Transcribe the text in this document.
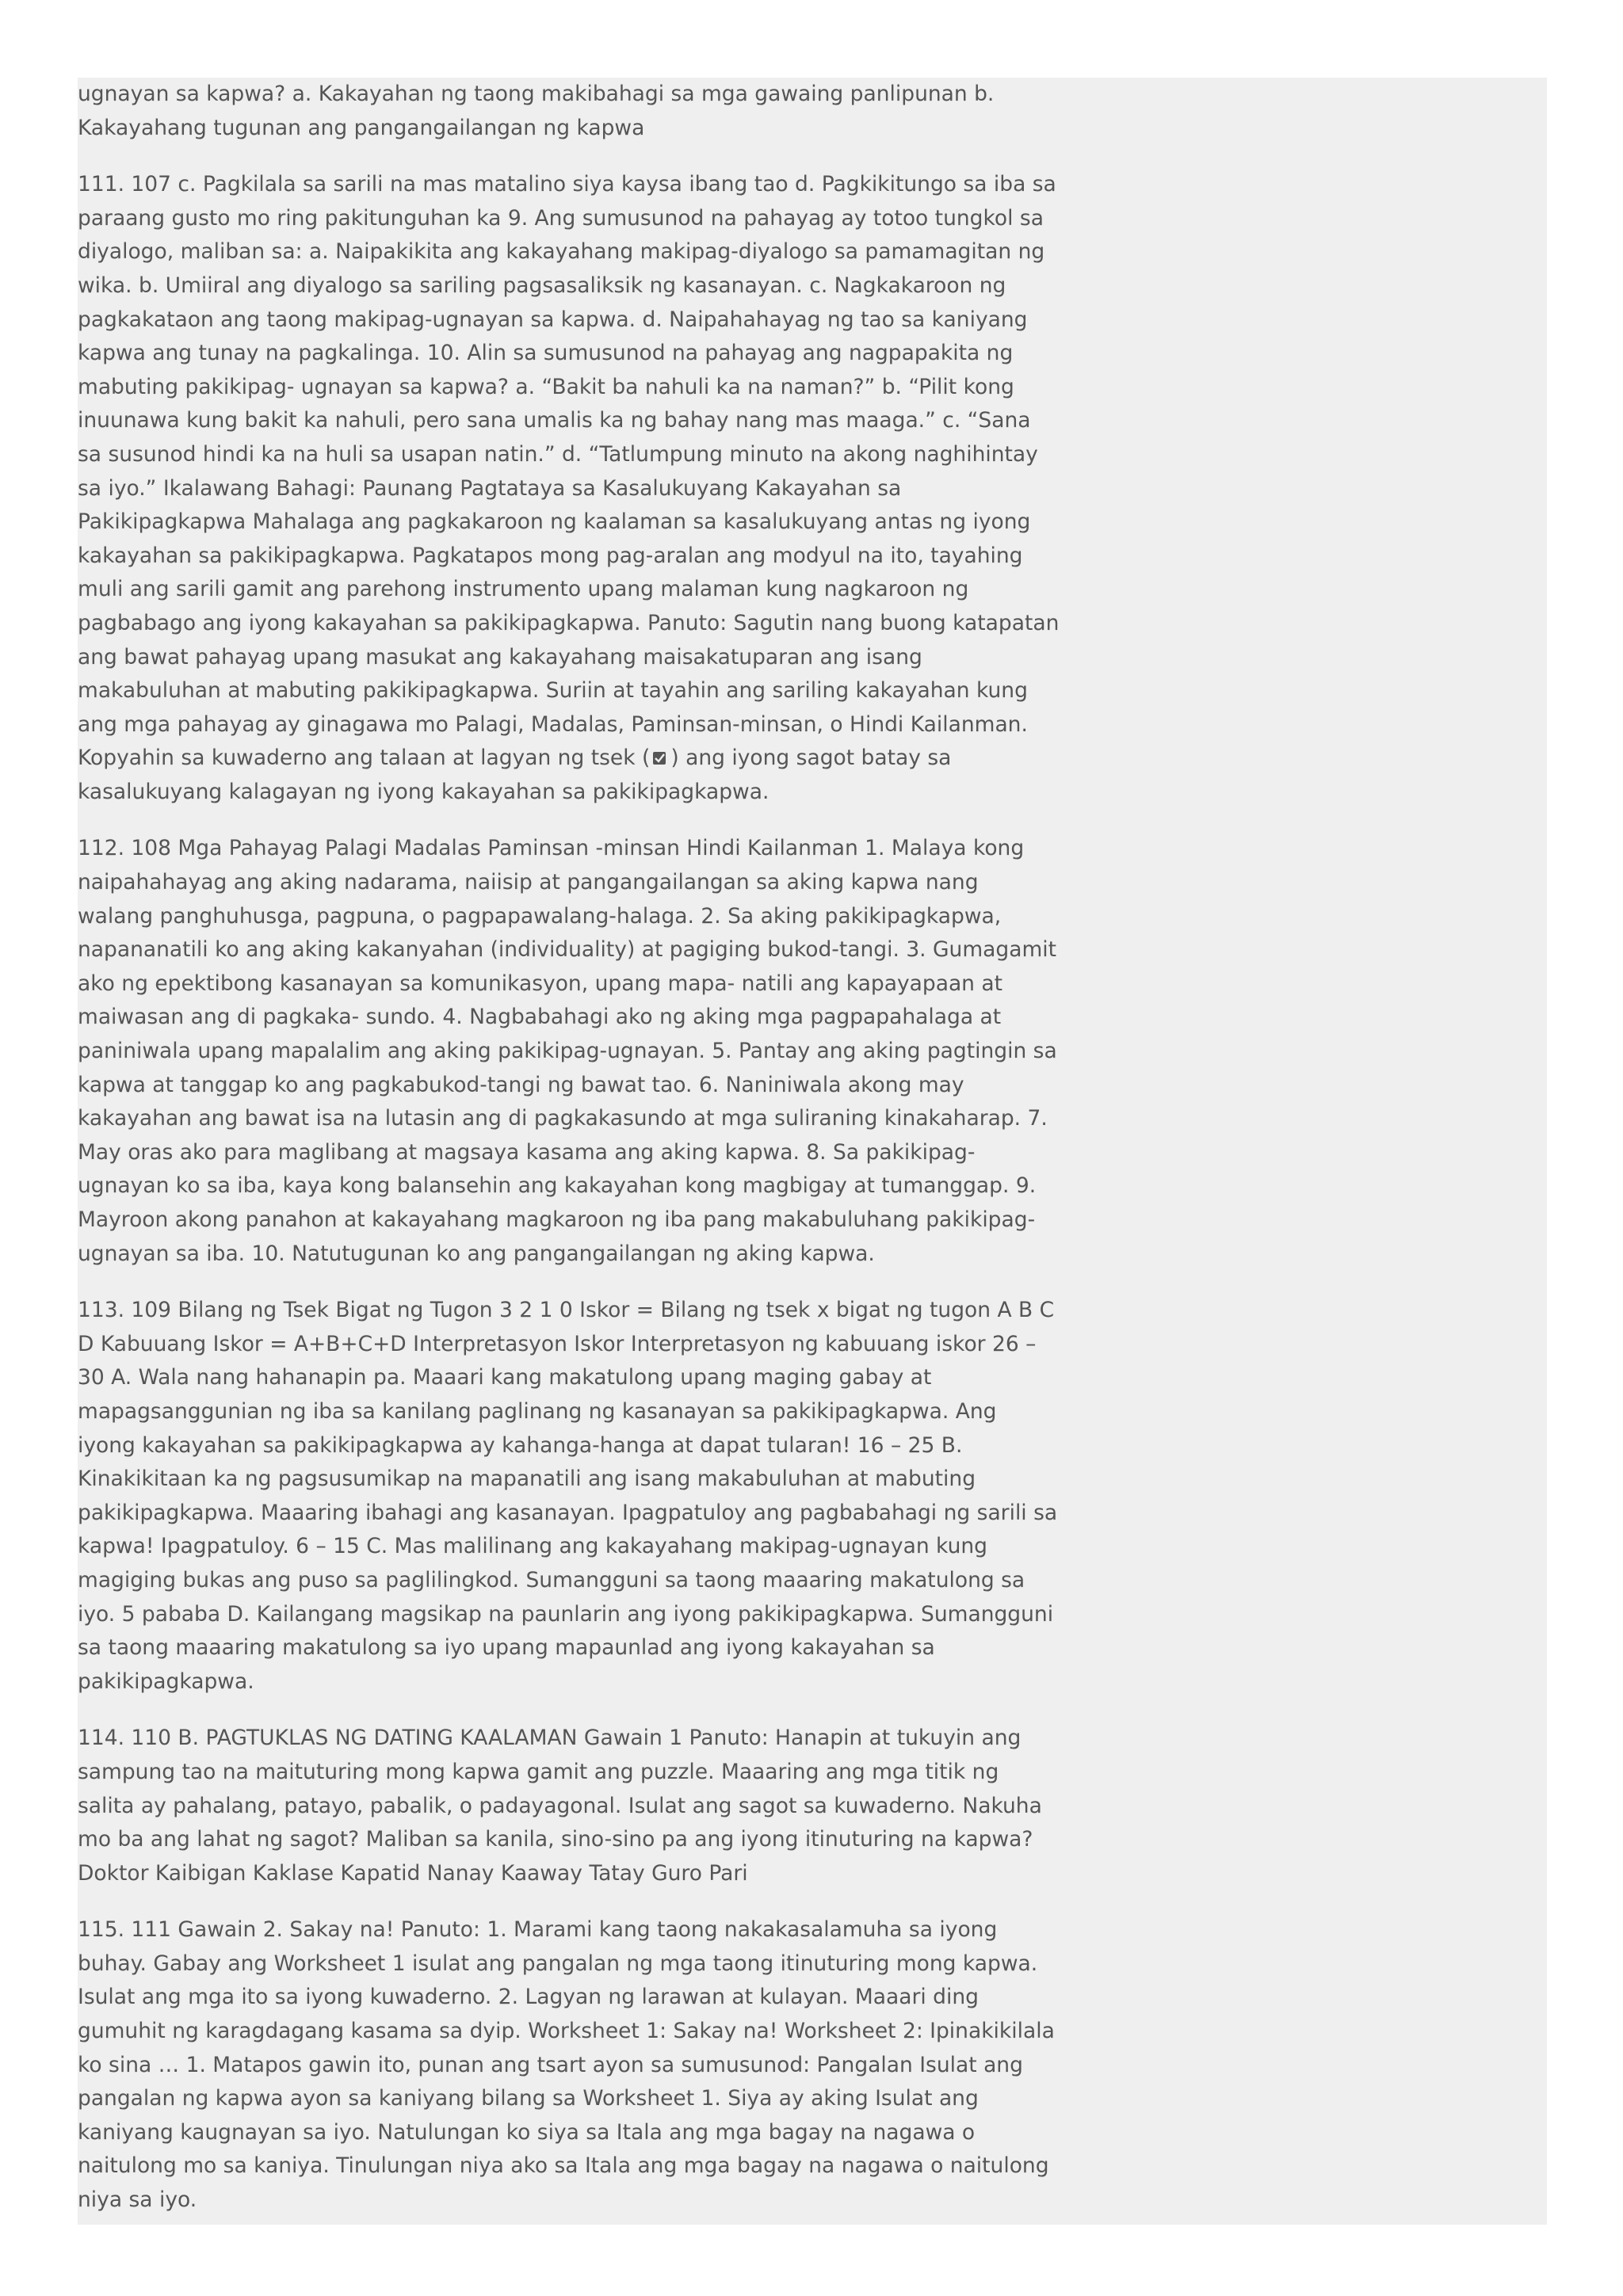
ugnayan sa kapwa? a. Kakayahan ng taong makibahagi sa mga gawaing panlipunan b. Kakayahang tugunan ang pangangailangan ng kapwa

111. 107 c. Pagkilala sa sarili na mas matalino siya kaysa ibang tao d. Pagkikitungo sa iba sa paraang gusto mo ring pakitunguhan ka 9. Ang sumusunod na pahayag ay totoo tungkol sa diyalogo, maliban sa: a. Naipakikita ang kakayahang makipag-diyalogo sa pamamagitan ng wika. b. Umiiral ang diyalogo sa sariling pagsasaliksik ng kasanayan. c. Nagkakaroon ng pagkakataon ang taong makipag-ugnayan sa kapwa. d. Naipahahayag ng tao sa kaniyang kapwa ang tunay na pagkalinga. 10. Alin sa sumusunod na pahayag ang nagpapakita ng mabuting pakikipag- ugnayan sa kapwa? a. “Bakit ba nahuli ka na naman?” b. “Pilit kong inuunawa kung bakit ka nahuli, pero sana umalis ka ng bahay nang mas maaga.” c. “Sana sa susunod hindi ka na huli sa usapan natin.” d. “Tatlumpung minuto na akong naghihintay sa iyo.” Ikalawang Bahagi: Paunang Pagtataya sa Kasalukuyang Kakayahan sa Pakikipagkapwa Mahalaga ang pagkakaroon ng kaalaman sa kasalukuyang antas ng iyong kakayahan sa pakikipagkapwa. Pagkatapos mong pag-aralan ang modyul na ito, tayahing muli ang sarili gamit ang parehong instrumento upang malaman kung nagkaroon ng pagbabago ang iyong kakayahan sa pakikipagkapwa. Panuto: Sagutin nang buong katapatan ang bawat pahayag upang masukat ang kakayahang maisakatuparan ang isang makabuluhan at mabuting pakikipagkapwa. Suriin at tayahin ang sariling kakayahan kung ang mga pahayag ay ginagawa mo Palagi, Madalas, Paminsan-minsan, o Hindi Kailanman. Kopyahin sa kuwaderno ang talaan at lagyan ng tsek ( ) ang iyong sagot batay sa kasalukuyang kalagayan ng iyong kakayahan sa pakikipagkapwa.

112. 108 Mga Pahayag Palagi Madalas Paminsan -minsan Hindi Kailanman 1. Malaya kong naipahahayag ang aking nadarama, naiisip at pangangailangan sa aking kapwa nang walang panghuhusga, pagpuna, o pagpapawalang-halaga. 2. Sa aking pakikipagkapwa, napananatili ko ang aking kakanyahan (individuality) at pagiging bukod-tangi. 3. Gumagamit ako ng epektibong kasanayan sa komunikasyon, upang mapa- natili ang kapayapaan at maiwasan ang di pagkaka- sundo. 4. Nagbabahagi ako ng aking mga pagpapahalaga at paniniwala upang mapalalim ang aking pakikipag-ugnayan. 5. Pantay ang aking pagtingin sa kapwa at tanggap ko ang pagkabukod-tangi ng bawat tao. 6. Naniniwala akong may kakayahan ang bawat isa na lutasin ang di pagkakasundo at mga suliraning kinakaharap. 7. May oras ako para maglibang at magsaya kasama ang aking kapwa. 8. Sa pakikipag-ugnayan ko sa iba, kaya kong balansehin ang kakayahan kong magbigay at tumanggap. 9. Mayroon akong panahon at kakayahang magkaroon ng iba pang makabuluhang pakikipag-ugnayan sa iba. 10. Natutugunan ko ang pangangailangan ng aking kapwa.

113. 109 Bilang ng Tsek Bigat ng Tugon 3 2 1 0 Iskor = Bilang ng tsek x bigat ng tugon A B C D Kabuuang Iskor = A+B+C+D Interpretasyon Iskor Interpretasyon ng kabuuang iskor 26 – 30 A. Wala nang hahanapin pa. Maaari kang makatulong upang maging gabay at mapagsanggunian ng iba sa kanilang paglinang ng kasanayan sa pakikipagkapwa. Ang iyong kakayahan sa pakikipagkapwa ay kahanga-hanga at dapat tularan! 16 – 25 B. Kinakikitaan ka ng pagsusumikap na mapanatili ang isang makabuluhan at mabuting pakikipagkapwa. Maaaring ibahagi ang kasanayan. Ipagpatuloy ang pagbabahagi ng sarili sa kapwa! Ipagpatuloy. 6 – 15 C. Mas malilinang ang kakayahang makipag-ugnayan kung magiging bukas ang puso sa paglilingkod. Sumangguni sa taong maaaring makatulong sa iyo. 5 pababa D. Kailangang magsikap na paunlarin ang iyong pakikipagkapwa. Sumangguni sa taong maaaring makatulong sa iyo upang mapaunlad ang iyong kakayahan sa pakikipagkapwa.

114. 110 B. PAGTUKLAS NG DATING KAALAMAN Gawain 1 Panuto: Hanapin at tukuyin ang sampung tao na maituturing mong kapwa gamit ang puzzle. Maaaring ang mga titik ng salita ay pahalang, patayo, pabalik, o padayagonal. Isulat ang sagot sa kuwaderno. Nakuha mo ba ang lahat ng sagot? Maliban sa kanila, sino-sino pa ang iyong itinuturing na kapwa? Doktor Kaibigan Kaklase Kapatid Nanay Kaaway Tatay Guro Pari

115. 111 Gawain 2. Sakay na! Panuto: 1. Marami kang taong nakakasalamuha sa iyong buhay. Gabay ang Worksheet 1 isulat ang pangalan ng mga taong itinuturing mong kapwa. Isulat ang mga ito sa iyong kuwaderno. 2. Lagyan ng larawan at kulayan. Maaari ding gumuhit ng karagdagang kasama sa dyip. Worksheet 1: Sakay na! Worksheet 2: Ipinakikilala ko sina … 1. Matapos gawin ito, punan ang tsart ayon sa sumusunod: Pangalan Isulat ang pangalan ng kapwa ayon sa kaniyang bilang sa Worksheet 1. Siya ay aking Isulat ang kaniyang kaugnayan sa iyo. Natulungan ko siya sa Itala ang mga bagay na nagawa o naitulong mo sa kaniya. Tinulungan niya ako sa Itala ang mga bagay na nagawa o naitulong niya sa iyo.
